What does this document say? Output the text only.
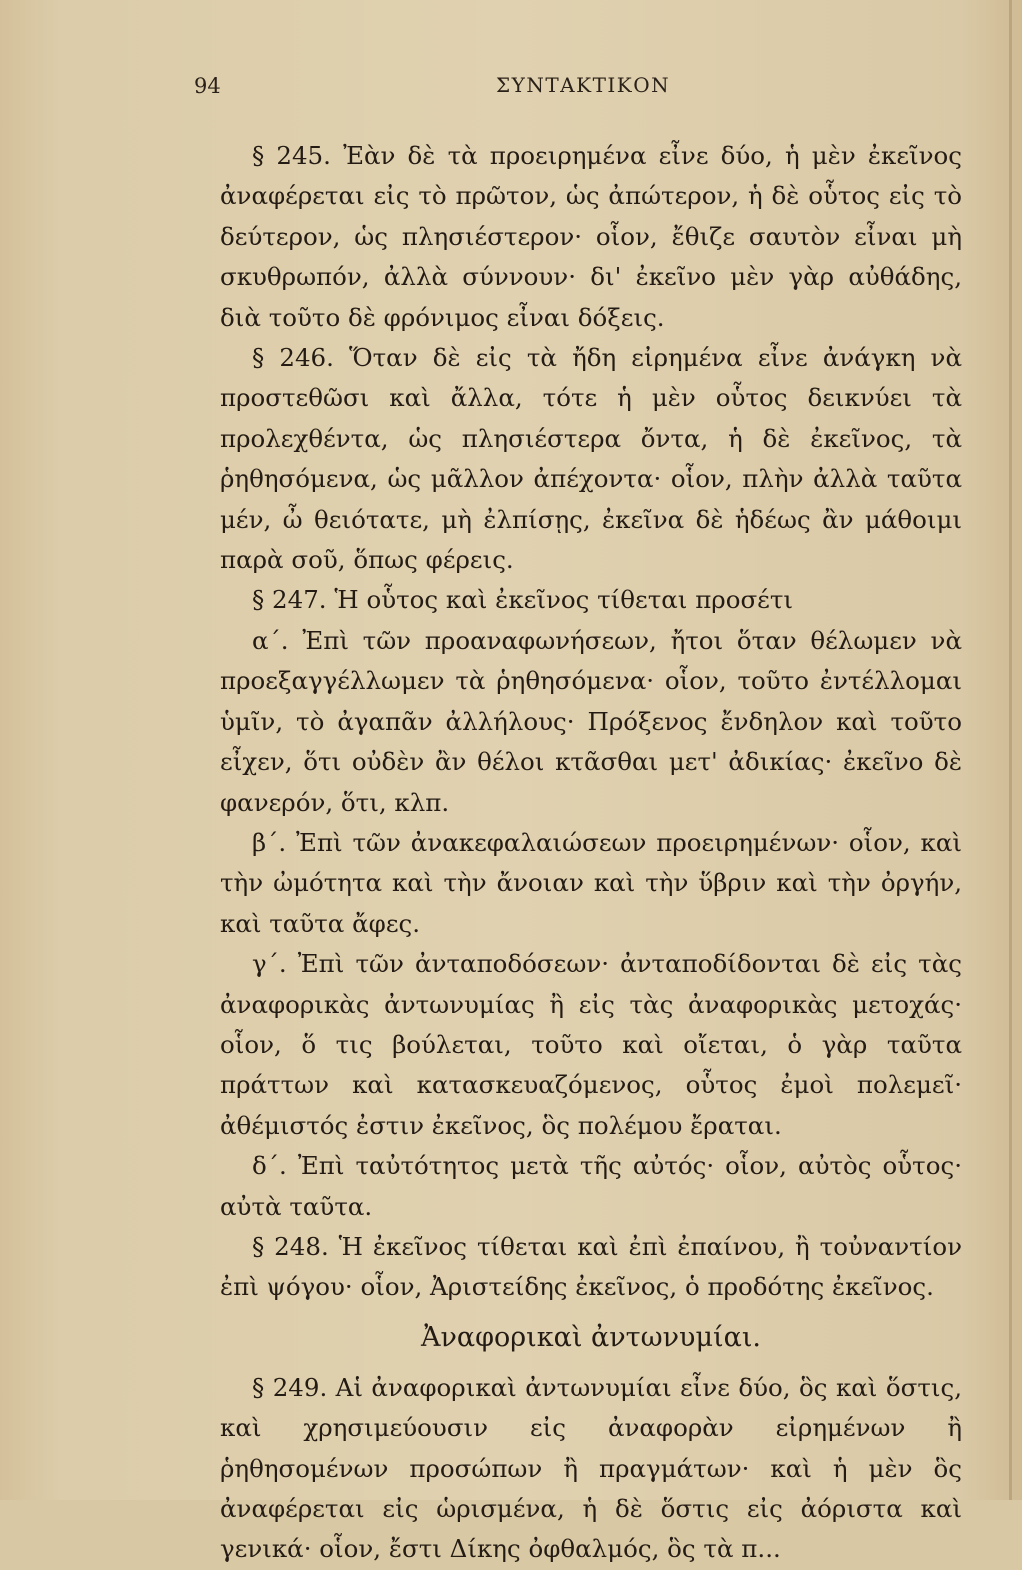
94	ΣΥΝΤΑΚΤΙΚΟΝ

§ 245. Ἐὰν δὲ τὰ προειρημένα εἶνε δύο, ἡ μὲν ἐκεῖνος ἀναφέρεται εἰς τὸ πρῶτον, ὡς ἀπώτερον, ἡ δὲ οὗτος εἰς τὸ δεύτερον, ὡς πλησιέστερον· οἷον, ἔθιζε σαυτὸν εἶναι μὴ σκυθρωπόν, ἀλλὰ σύννουν· δι' ἐκεῖνο μὲν γὰρ αὐθάδης, διὰ τοῦτο δὲ φρόνιμος εἶναι δόξεις.

§ 246. Ὅταν δὲ εἰς τὰ ἤδη εἰρημένα εἶνε ἀνάγκη νὰ προστεθῶσι καὶ ἄλλα, τότε ἡ μὲν οὗτος δεικνύει τὰ προλεχθέντα, ὡς πλησιέστερα ὄντα, ἡ δὲ ἐκεῖνος, τὰ ῥηθησόμενα, ὡς μᾶλλον ἀπέχοντα· οἷον, πλὴν ἀλλὰ ταῦτα μέν, ὦ θειότατε, μὴ ἐλπίσῃς, ἐκεῖνα δὲ ἡδέως ἂν μάθοιμι παρὰ σοῦ, ὅπως φέρεις.

§ 247. Ἡ οὗτος καὶ ἐκεῖνος τίθεται προσέτι

α΄. Ἐπὶ τῶν προαναφωνήσεων, ἤτοι ὅταν θέλωμεν νὰ προεξαγγέλλωμεν τὰ ῥηθησόμενα· οἷον, τοῦτο ἐντέλλομαι ὑμῖν, τὸ ἀγαπᾶν ἀλλήλους· Πρόξενος ἔνδηλον καὶ τοῦτο εἶχεν, ὅτι οὐδὲν ἂν θέλοι κτᾶσθαι μετ' ἀδικίας· ἐκεῖνο δὲ φανερόν, ὅτι, κλπ.

β΄. Ἐπὶ τῶν ἀνακεφαλαιώσεων προειρημένων· οἷον, καὶ τὴν ὠμότητα καὶ τὴν ἄνοιαν καὶ τὴν ὕβριν καὶ τὴν ὀργήν, καὶ ταῦτα ἄφες.

γ΄. Ἐπὶ τῶν ἀνταποδόσεων· ἀνταποδίδονται δὲ εἰς τὰς ἀναφορικὰς ἀντωνυμίας ἢ εἰς τὰς ἀναφορικὰς μετοχάς· οἷον, ὅ τις βούλεται, τοῦτο καὶ οἴεται, ὁ γὰρ ταῦτα πράττων καὶ κατασκευαζόμενος, οὗτος ἐμοὶ πολεμεῖ· ἀθέμιστός ἐστιν ἐκεῖνος, ὃς πολέμου ἔραται.

δ΄. Ἐπὶ ταὐτότητος μετὰ τῆς αὐτός· οἷον, αὐτὸς οὗτος· αὐτὰ ταῦτα.

§ 248. Ἡ ἐκεῖνος τίθεται καὶ ἐπὶ ἐπαίνου, ἢ τοὐναντίον ἐπὶ ψόγου· οἷον, Ἀριστείδης ἐκεῖνος, ὁ προδότης ἐκεῖνος.

Ἀναφορικαὶ ἀντωνυμίαι.

§ 249. Αἱ ἀναφορικαὶ ἀντωνυμίαι εἶνε δύο, ὃς καὶ ὅστις, καὶ χρησιμεύουσιν εἰς ἀναφορὰν εἰρημένων ἢ ῥηθησομένων προσώπων ἢ πραγμάτων· καὶ ἡ μὲν ὃς ἀναφέρεται εἰς ὡρισμένα, ἡ δὲ ὅστις εἰς ἀόριστα καὶ γενικά· οἷον, ἔστι Δίκης ὀφθαλμός, ὃς τὰ π...
